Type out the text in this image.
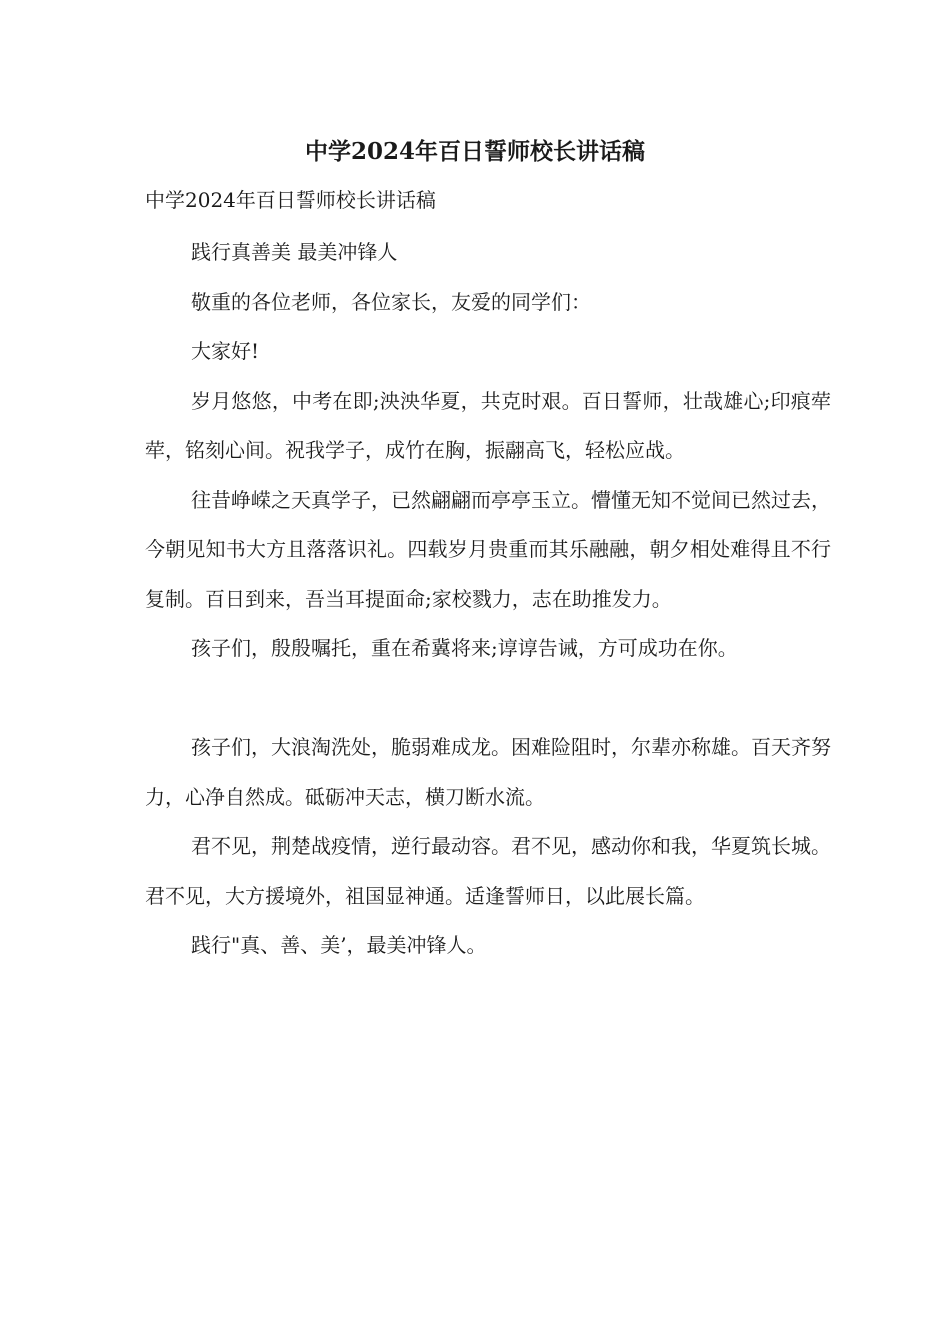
中学2024年百日誓师校长讲话稿

中学2024年百日誓师校长讲话稿

践行真善美 最美冲锋人

敬重的各位老师，各位家长，友爱的同学们：

大家好!

岁月悠悠，中考在即;泱泱华夏，共克时艰。百日誓师，壮哉雄心;印痕荦荦，铭刻心间。祝我学子，成竹在胸，振翮高飞，轻松应战。

往昔峥嵘之天真学子，已然翩翩而亭亭玉立。懵懂无知不觉间已然过去，今朝见知书大方且落落识礼。四载岁月贵重而其乐融融，朝夕相处难得且不行复制。百日到来，吾当耳提面命;家校戮力，志在助推发力。

孩子们，殷殷嘱托，重在希冀将来;谆谆告诫，方可成功在你。

孩子们，大浪淘洗处，脆弱难成龙。困难险阻时，尔辈亦称雄。百天齐努力，心净自然成。砥砺冲天志，横刀断水流。

君不见，荆楚战疫情，逆行最动容。君不见，感动你和我，华夏筑长城。君不见，大方援境外，祖国显神通。适逢誓师日，以此展长篇。

践行"真、善、美’，最美冲锋人。
